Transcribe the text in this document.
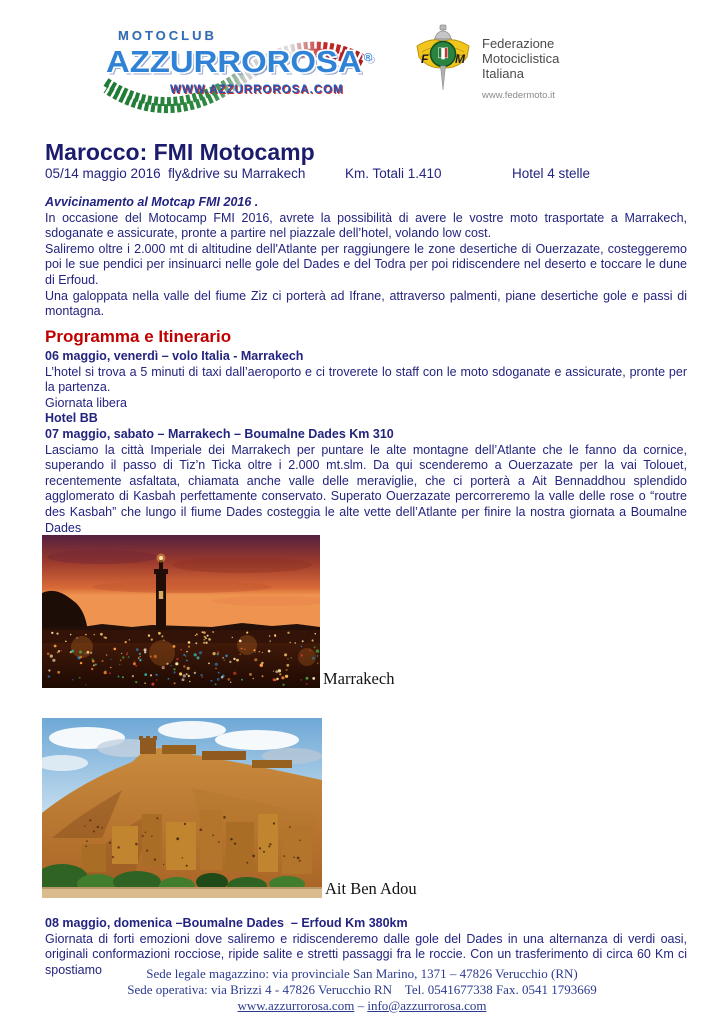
MOTOCLUB
AZZURROROSA ®
WWW.AZZURROROSA.COM
F M
Federazione
Motociclistica
Italiana
www.federmoto.it
Marocco: FMI Motocamp
05/14 maggio 2016  fly&drive su Marrakech	Km. Totali 1.410	Hotel 4 stelle
Avvicinamento al Motcap FMI 2016 .
In occasione del Motocamp FMI 2016, avrete la possibilità di avere le vostre moto trasportate a Marrakech, sdoganate e assicurate, pronte a partire nel piazzale dell’hotel, volando low cost.
Saliremo oltre i 2.000 mt di altitudine dell'Atlante per raggiungere le zone desertiche di Ouerzazate, costeggeremo poi le sue pendici per insinuarci nelle gole del Dades e del Todra per poi ridiscendere nel deserto e toccare le dune di Erfoud.
Una galoppata nella valle del fiume Ziz ci porterà ad Ifrane, attraverso palmenti, piane desertiche gole e passi di montagna.
Programma e Itinerario
06 maggio, venerdì – volo Italia - Marrakech
L’hotel si trova a 5 minuti di taxi dall’aeroporto e ci troverete lo staff con le moto sdoganate e assicurate, pronte per la partenza.
Giornata libera
Hotel BB
07 maggio, sabato – Marrakech – Boumalne Dades Km 310
Lasciamo la città Imperiale dei Marrakech per puntare le alte montagne dell’Atlante che le fanno da cornice, superando il passo di Tiz’n Ticka oltre i 2.000 mt.slm. Da qui scenderemo a Ouerzazate per la vai Tolouet, recentemente asfaltata, chiamata anche valle delle meraviglie, che ci porterà a Ait Bennaddhou splendido agglomerato di Kasbah perfettamente conservato. Superato Ouerzazate percorreremo la valle delle rose o “routre des Kasbah” che lungo il fiume Dades costeggia le alte vette dell’Atlante per finire la nostra giornata a Boumalne Dades
Marrakech
Ait Ben Adou
08 maggio, domenica –Boumalne Dades  – Erfoud Km 380km
Giornata di forti emozioni dove saliremo e ridiscenderemo dalle gole del Dades in una alternanza di verdi oasi, originali conformazioni rocciose, ripide salite e stretti passaggi fra le roccie. Con un trasferimento di circa 60 Km ci spostiamo	Sede legale magazzino: via provinciale San Marino, 1371 – 47826 Verucchio (RN)
Sede operativa: via Brizzi 4 - 47826 Verucchio RN    Tel. 0541677338 Fax. 0541 1793669
www.azzurrorosa.com – info@azzurrorosa.com
